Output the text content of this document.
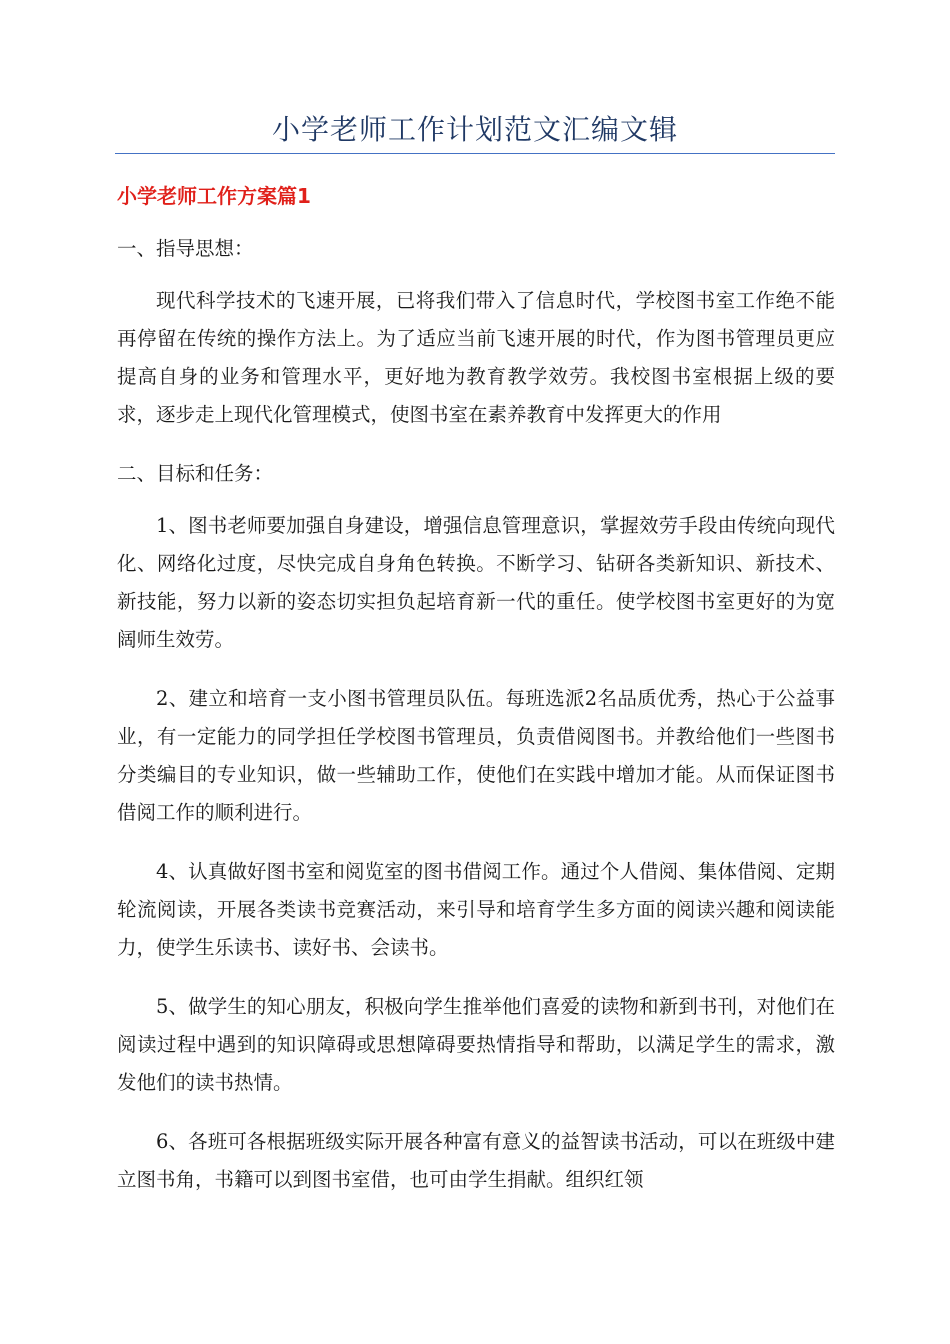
小学老师工作计划范文汇编文辑
小学老师工作方案篇1

一、指导思想：

现代科学技术的飞速开展，已将我们带入了信息时代，学校图书室工作绝不能再停留在传统的操作方法上。为了适应当前飞速开展的时代，作为图书管理员更应提高自身的业务和管理水平，更好地为教育教学效劳。我校图书室根据上级的要求，逐步走上现代化管理模式，使图书室在素养教育中发挥更大的作用

二、目标和任务：

1、图书老师要加强自身建设，增强信息管理意识，掌握效劳手段由传统向现代化、网络化过度，尽快完成自身角色转换。不断学习、钻研各类新知识、新技术、新技能，努力以新的姿态切实担负起培育新一代的重任。使学校图书室更好的为宽阔师生效劳。

2、建立和培育一支小图书管理员队伍。每班选派2名品质优秀，热心于公益事业，有一定能力的同学担任学校图书管理员，负责借阅图书。并教给他们一些图书分类编目的专业知识，做一些辅助工作，使他们在实践中增加才能。从而保证图书借阅工作的顺利进行。

4、认真做好图书室和阅览室的图书借阅工作。通过个人借阅、集体借阅、定期轮流阅读，开展各类读书竞赛活动，来引导和培育学生多方面的阅读兴趣和阅读能力，使学生乐读书、读好书、会读书。

5、做学生的知心朋友，积极向学生推举他们喜爱的读物和新到书刊，对他们在阅读过程中遇到的知识障碍或思想障碍要热情指导和帮助，以满足学生的需求，激发他们的读书热情。

6、各班可各根据班级实际开展各种富有意义的益智读书活动，可以在班级中建立图书角，书籍可以到图书室借，也可由学生捐献。组织红领
